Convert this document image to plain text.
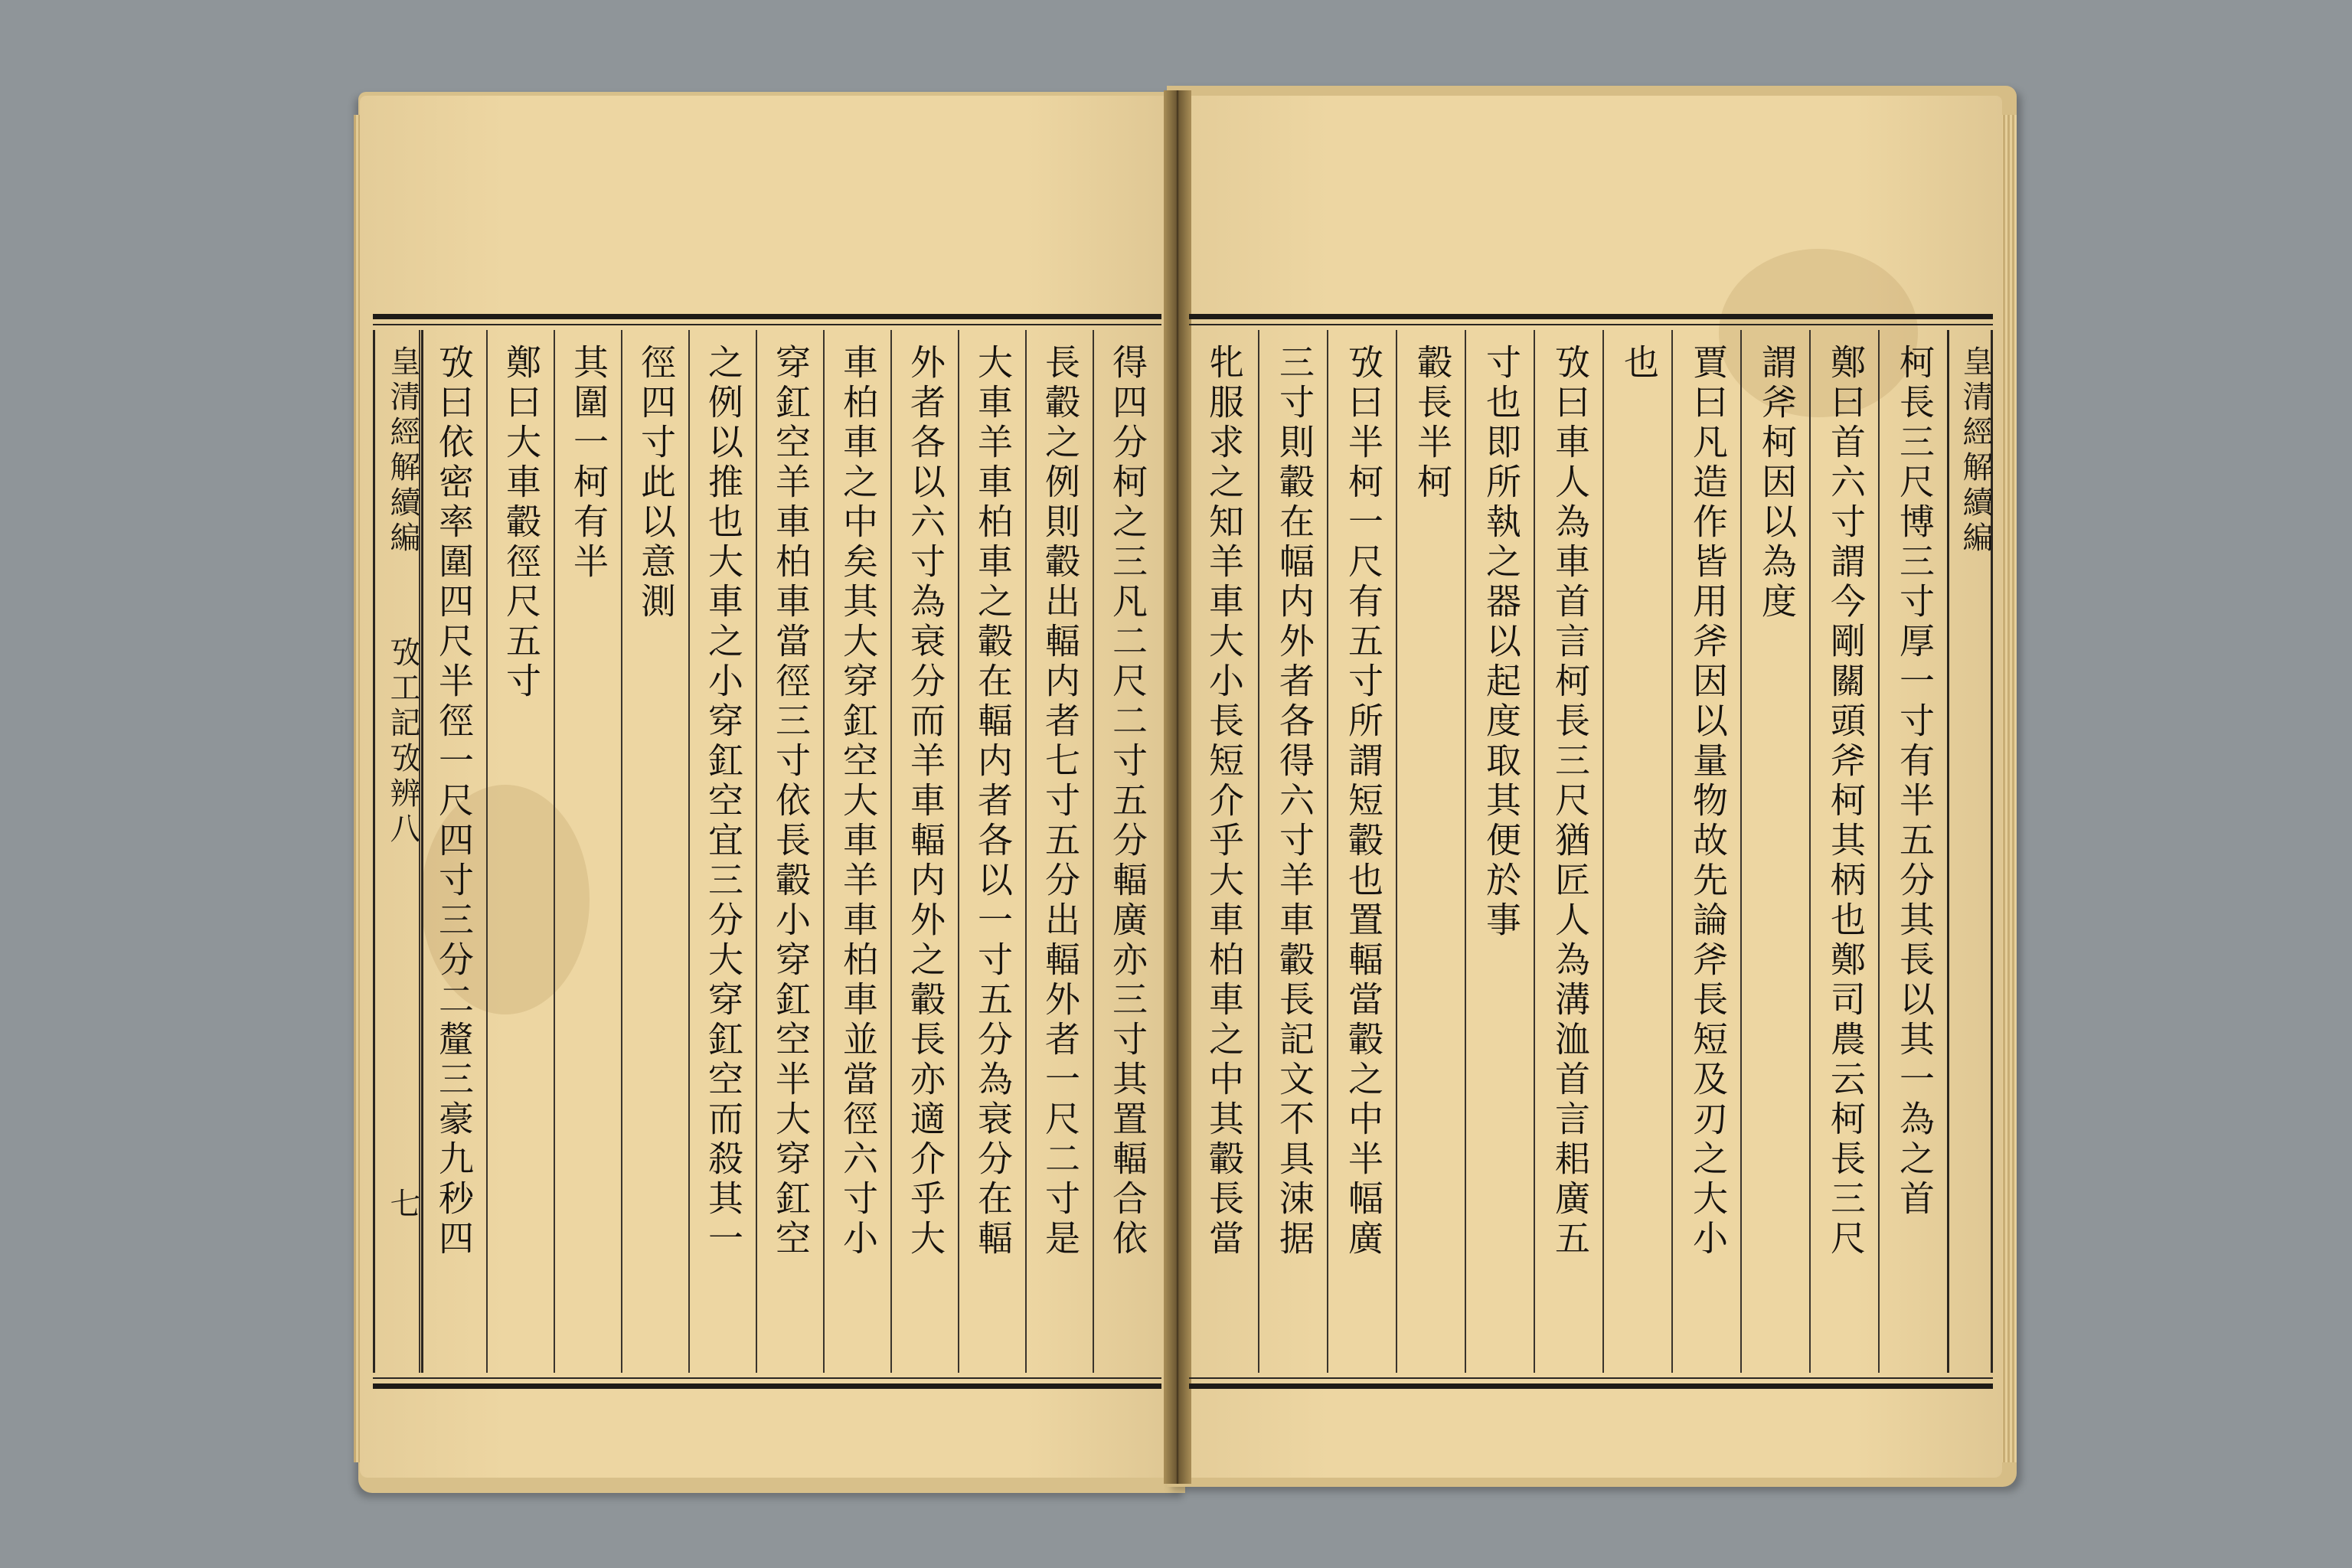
皇清經解續編
攷工記攷辨八
七 攷曰依密率圍四尺半徑一尺四寸三分二釐三豪九秒四 鄭曰大車轂徑尺五寸 其圍一柯有半 徑四寸此以意測 之例以推也大車之小穿釭空宜三分大穿釭空而殺其一 穿釭空羊車柏車當徑三寸依長轂小穿釭空半大穿釭空 車柏車之中矣其大穿釭空大車羊車柏車並當徑六寸小 外者各以六寸為衰分而羊車輻内外之轂長亦適介乎大 大車羊車柏車之轂在輻内者各以一寸五分為衰分在輻 長轂之例則轂出輻内者七寸五分出輻外者一尺二寸是 得四分柯之三凡二尺二寸五分輻廣亦三寸其置輻合依 牝服求之知羊車大小長短介乎大車柏車之中其轂長當 三寸則轂在幅内外者各得六寸羊車轂長記文不具涑据 攷曰半柯一尺有五寸所謂短轂也置輻當轂之中半幅廣 轂長半柯 寸也即所執之器以起度取其便於事 攷曰車人為車首言柯長三尺猶匠人為溝洫首言耜廣五 也 賈曰凡造作皆用斧因以量物故先論斧長短及刃之大小 謂斧柯因以為度 鄭曰首六寸謂今剛關頭斧柯其柄也鄭司農云柯長三尺 柯長三尺博三寸厚一寸有半五分其長以其一為之首 皇清經解續編
